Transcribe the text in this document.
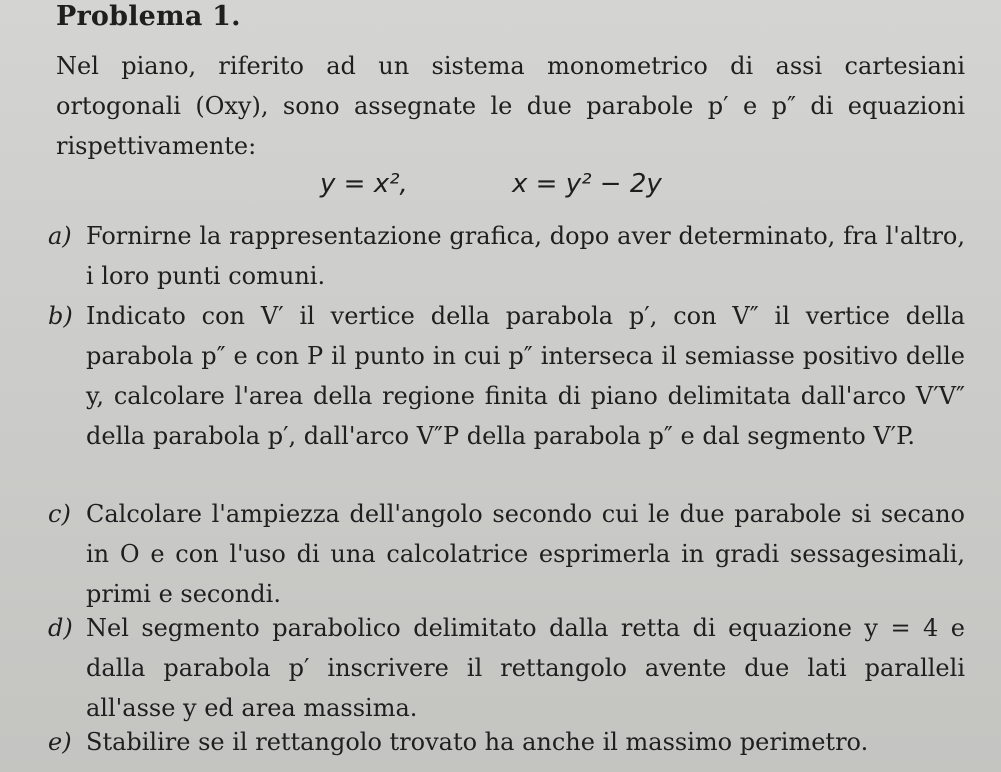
Problema 1.
Nel piano, riferito ad un sistema monometrico di assi cartesiani ortogonali (Oxy), sono assegnate le due parabole p′ e p″ di equazioni rispettivamente:
y = x²,	x = y² − 2y
a) Fornirne la rappresentazione grafica, dopo aver determinato, fra l'altro, i loro punti comuni.
b) Indicato con V′ il vertice della parabola p′, con V″ il vertice della parabola p″ e con P il punto in cui p″ interseca il semiasse positivo delle y, calcolare l'area della regione finita di piano delimitata dall'arco V′V″ della parabola p′, dall'arco V″P della parabola p″ e dal segmento V′P.
c) Calcolare l'ampiezza dell'angolo secondo cui le due parabole si secano in O e con l'uso di una calcolatrice esprimerla in gradi sessagesimali, primi e secondi.
d) Nel segmento parabolico delimitato dalla retta di equazione y = 4 e dalla parabola p′ inscrivere il rettangolo avente due lati paralleli all'asse y ed area massima.
e) Stabilire se il rettangolo trovato ha anche il massimo perimetro.
